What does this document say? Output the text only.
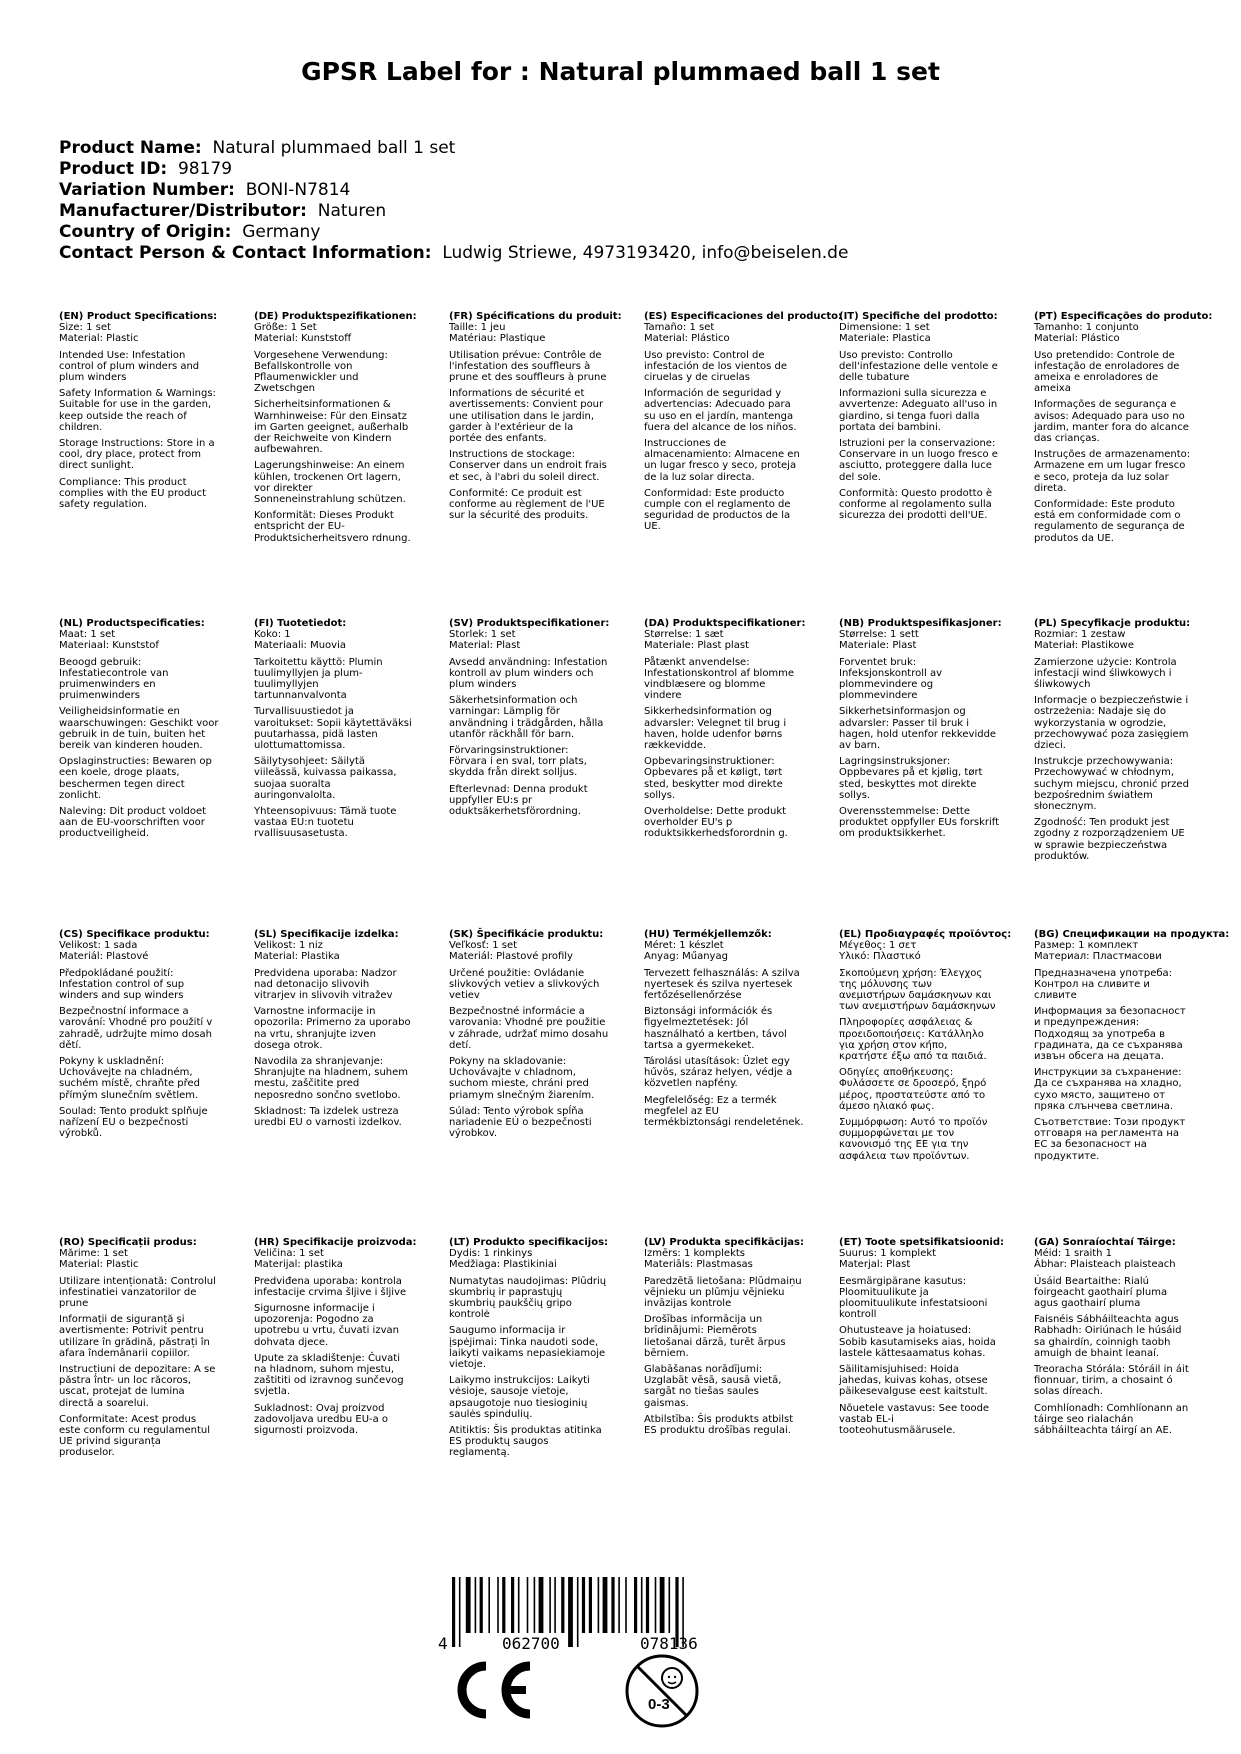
GPSR Label for : Natural plummaed ball 1 set
Product Name: Natural plummaed ball 1 set
Product ID: 98179
Variation Number: BONI-N7814
Manufacturer/Distributor: Naturen
Country of Origin: Germany
Contact Person & Contact Information: Ludwig Striewe, 4973193420, info@beiselen.de
(EN) Product Specifications:
Size: 1 set
Material: Plastic
Intended Use: Infestation control of plum winders and plum winders
Safety Information & Warnings: Suitable for use in the garden, keep outside the reach of children.
Storage Instructions: Store in a cool, dry place, protect from direct sunlight.
Compliance: This product complies with the EU product safety regulation.
(DE) Produktspezifikationen:
Größe: 1 Set
Material: Kunststoff
Vorgesehene Verwendung: Befallskontrolle von Pflaumenwickler und Zwetschgen
Sicherheitsinformationen & Warnhinweise: Für den Einsatz im Garten geeignet, außerhalb der Reichweite von Kindern aufbewahren.
Lagerungshinweise: An einem kühlen, trockenen Ort lagern, vor direkter Sonneneinstrahlung schützen.
Konformität: Dieses Produkt entspricht der EU-Produktsicherheitsvero rdnung.
(FR) Spécifications du produit:
Taille: 1 jeu
Matériau: Plastique
Utilisation prévue: Contrôle de l'infestation des souffleurs à prune et des souffleurs à prune
Informations de sécurité et avertissements: Convient pour une utilisation dans le jardin, garder à l'extérieur de la portée des enfants.
Instructions de stockage: Conserver dans un endroit frais et sec, à l'abri du soleil direct.
Conformité: Ce produit est conforme au règlement de l'UE sur la sécurité des produits.
(ES) Especificaciones del producto:
Tamaño: 1 set
Material: Plástico
Uso previsto: Control de infestación de los vientos de ciruelas y de ciruelas
Información de seguridad y advertencias: Adecuado para su uso en el jardín, mantenga fuera del alcance de los niños.
Instrucciones de almacenamiento: Almacene en un lugar fresco y seco, proteja de la luz solar directa.
Conformidad: Este producto cumple con el reglamento de seguridad de productos de la UE.
(IT) Specifiche del prodotto:
Dimensione: 1 set
Materiale: Plastica
Uso previsto: Controllo dell'infestazione delle ventole e delle tubature
Informazioni sulla sicurezza e avvertenze: Adeguato all'uso in giardino, si tenga fuori dalla portata dei bambini.
Istruzioni per la conservazione: Conservare in un luogo fresco e asciutto, proteggere dalla luce del sole.
Conformità: Questo prodotto è conforme al regolamento sulla sicurezza dei prodotti dell'UE.
(PT) Especificações do produto:
Tamanho: 1 conjunto
Material: Plástico
Uso pretendido: Controle de infestação de enroladores de ameixa e enroladores de ameixa
Informações de segurança e avisos: Adequado para uso no jardim, manter fora do alcance das crianças.
Instruções de armazenamento: Armazene em um lugar fresco e seco, proteja da luz solar direta.
Conformidade: Este produto está em conformidade com o regulamento de segurança de produtos da UE.
(NL) Productspecificaties:
Maat: 1 set
Materiaal: Kunststof
Beoogd gebruik: Infestatiecontrole van pruimenwinders en pruimenwinders
Veiligheidsinformatie en waarschuwingen: Geschikt voor gebruik in de tuin, buiten het bereik van kinderen houden.
Opslaginstructies: Bewaren op een koele, droge plaats, beschermen tegen direct zonlicht.
Naleving: Dit product voldoet aan de EU-voorschriften voor productveiligheid.
(FI) Tuotetiedot:
Koko: 1
Materiaali: Muovia
Tarkoitettu käyttö: Plumin tuulimyllyjen ja plum-tuulimyllyjen tartunnanvalvonta
Turvallisuustiedot ja varoitukset: Sopii käytettäväksi puutarhassa, pidä lasten ulottumattomissa.
Säilytysohjeet: Säilytä viileässä, kuivassa paikassa, suojaa suoralta auringonvalolta.
Yhteensopivuus: Tämä tuote vastaa EU:n tuotetu rvallisuusasetusta.
(SV) Produktspecifikationer:
Storlek: 1 set
Material: Plast
Avsedd användning: Infestation kontroll av plum winders och plum winders
Säkerhetsinformation och varningar: Lämplig för användning i trädgården, hålla utanför räckhåll för barn.
Förvaringsinstruktioner: Förvara i en sval, torr plats, skydda från direkt solljus.
Efterlevnad: Denna produkt uppfyller EU:s pr oduktsäkerhetsförordning.
(DA) Produktspecifikationer:
Størrelse: 1 sæt
Materiale: Plast plast
Påtænkt anvendelse: Infestationskontrol af blomme vindblæsere og blomme vindere
Sikkerhedsinformation og advarsler: Velegnet til brug i haven, holde udenfor børns rækkevidde.
Opbevaringsinstruktioner: Opbevares på et køligt, tørt sted, beskytter mod direkte sollys.
Overholdelse: Dette produkt overholder EU's p roduktsikkerhedsforordnin g.
(NB) Produktspesifikasjoner:
Størrelse: 1 sett
Materiale: Plast
Forventet bruk: Infeksjonskontroll av plommevindere og plommevindere
Sikkerhetsinformasjon og advarsler: Passer til bruk i hagen, hold utenfor rekkevidde av barn.
Lagringsinstruksjoner: Oppbevares på et kjølig, tørt sted, beskyttes mot direkte sollys.
Overensstemmelse: Dette produktet oppfyller EUs forskrift om produktsikkerhet.
(PL) Specyfikacje produktu:
Rozmiar: 1 zestaw
Materiał: Plastikowe
Zamierzone użycie: Kontrola infestacji wind śliwkowych i śliwkowych
Informacje o bezpieczeństwie i ostrzeżenia: Nadaje się do wykorzystania w ogrodzie, przechowywać poza zasięgiem dzieci.
Instrukcje przechowywania: Przechowywać w chłodnym, suchym miejscu, chronić przed bezpośrednim światłem słonecznym.
Zgodność: Ten produkt jest zgodny z rozporządzeniem UE w sprawie bezpieczeństwa produktów.
(CS) Specifikace produktu:
Velikost: 1 sada
Materiál: Plastové
Předpokládané použití: Infestation control of sup winders and sup winders
Bezpečnostní informace a varování: Vhodné pro použití v zahradě, udržujte mimo dosah dětí.
Pokyny k uskladnění: Uchovávejte na chladném, suchém místě, chraňte před přímým slunečním světlem.
Soulad: Tento produkt splňuje nařízení EU o bezpečnosti výrobků.
(SL) Specifikacije izdelka:
Velikost: 1 niz
Material: Plastika
Predvidena uporaba: Nadzor nad detonacijo slivovih vitrarjev in slivovih vitražev
Varnostne informacije in opozorila: Primerno za uporabo na vrtu, shranjujte izven dosega otrok.
Navodila za shranjevanje: Shranjujte na hladnem, suhem mestu, zaščitite pred neposredno sončno svetlobo.
Skladnost: Ta izdelek ustreza uredbi EU o varnosti izdelkov.
(SK) Špecifikácie produktu:
Veľkosť: 1 set
Materiál: Plastové profily
Určené použitie: Ovládanie slivkových vetiev a slivkových vetiev
Bezpečnostné informácie a varovania: Vhodné pre použitie v záhrade, udržať mimo dosahu detí.
Pokyny na skladovanie: Uchovávajte v chladnom, suchom mieste, chráni pred priamym slnečným žiarením.
Súlad: Tento výrobok spĺňa nariadenie EÚ o bezpečnosti výrobkov.
(HU) Termékjellemzők:
Méret: 1 készlet
Anyag: Műanyag
Tervezett felhasználás: A szilva nyertesek és szilva nyertesek fertőzésellenőrzése
Biztonsági információk és figyelmeztetések: Jól használható a kertben, távol tartsa a gyermekeket.
Tárolási utasítások: Üzlet egy hűvös, száraz helyen, védje a közvetlen napfény.
Megfelelőség: Ez a termék megfelel az EU termékbiztonsági rendeletének.
(EL) Προδιαγραφές προϊόντος:
Μέγεθος: 1 σετ
Υλικό: Πλαστικό
Σκοπούμενη χρήση: Έλεγχος της μόλυνσης των ανεμιστήρων δαμάσκηνων και των ανεμιστήρων δαμάσκηνων
Πληροφορίες ασφάλειας & προειδοποιήσεις: Κατάλληλο για χρήση στον κήπο, κρατήστε έξω από τα παιδιά.
Οδηγίες αποθήκευσης: Φυλάσσετε σε δροσερό, ξηρό μέρος, προστατεύστε από το άμεσο ηλιακό φως.
Συμμόρφωση: Αυτό το προϊόν συμμορφώνεται με τον κανονισμό της ΕΕ για την ασφάλεια των προϊόντων.
(BG) Спецификации на продукта:
Размер: 1 комплект
Материал: Пластмасови
Предназначена употреба: Контрол на сливите и сливите
Информация за безопасност и предупреждения: Подходящ за употреба в градината, да се съхранява извън обсега на децата.
Инструкции за съхранение: Да се съхранява на хладно, сухо място, защитено от пряка слънчева светлина.
Съответствие: Този продукт отговаря на регламента на ЕС за безопасност на продуктите.
(RO) Specificații produs:
Mărime: 1 set
Material: Plastic
Utilizare intenționată: Controlul infestinatiei vanzatorilor de prune
Informații de siguranță și avertismente: Potrivit pentru utilizare în grădină, păstrați în afara îndemânarii copiilor.
Instrucțiuni de depozitare: A se păstra într- un loc răcoros, uscat, protejat de lumina directă a soarelui.
Conformitate: Acest produs este conform cu regulamentul UE privind siguranța produselor.
(HR) Specifikacije proizvoda:
Veličina: 1 set
Materijal: plastika
Predviđena uporaba: kontrola infestacije crvima šljive i šljive
Sigurnosne informacije i upozorenja: Pogodno za upotrebu u vrtu, čuvati izvan dohvata djece.
Upute za skladištenje: Čuvati na hladnom, suhom mjestu, zaštititi od izravnog sunčevog svjetla.
Sukladnost: Ovaj proizvod zadovoljava uredbu EU-a o sigurnosti proizvoda.
(LT) Produkto specifikacijos:
Dydis: 1 rinkinys
Medžiaga: Plastikiniai
Numatytas naudojimas: Plūdrių skumbrių ir paprastųjų skumbrių paukščių gripo kontrolė
Saugumo informacija ir įspėjimai: Tinka naudoti sode, laikyti vaikams nepasiekiamoje vietoje.
Laikymo instrukcijos: Laikyti vėsioje, sausoje vietoje, apsaugotoje nuo tiesioginių saulės spindulių.
Atitiktis: Šis produktas atitinka ES produktų saugos reglamentą.
(LV) Produkta specifikācijas:
Izmērs: 1 komplekts
Materiāls: Plastmasas
Paredzētā lietošana: Plūdmaiņu vējnieku un plūmju vējnieku invāzijas kontrole
Drošības informācija un brīdinājumi: Piemērots lietošanai dārzā, turēt ārpus bērniem.
Glabāšanas norādījumi: Uzglabāt vēsā, sausā vietā, sargāt no tiešas saules gaismas.
Atbilstība: Šis produkts atbilst ES produktu drošības regulai.
(ET) Toote spetsifikatsioonid:
Suurus: 1 komplekt
Materjal: Plast
Eesmärgipärane kasutus: Ploomituulikute ja ploomituulikute infestatsiooni kontroll
Ohutusteave ja hoiatused: Sobib kasutamiseks aias, hoida lastele kättesaamatus kohas.
Säilitamisjuhised: Hoida jahedas, kuivas kohas, otsese päikesevalguse eest kaitstult.
Nõuetele vastavus: See toode vastab EL-i tooteohutusmäärusele.
(GA) Sonraíochtaí Táirge:
Méid: 1 sraith 1
Ábhar: Plaisteach plaisteach
Úsáid Beartaithe: Rialú foirgeacht gaothairí pluma agus gaothairí pluma
Faisnéis Sábháilteachta agus Rabhadh: Oiriúnach le húsáid sa ghairdín, coinnigh taobh amuigh de bhaint leanaí.
Treoracha Stórála: Stóráil in áit fionnuar, tirim, a chosaint ó solas díreach.
Comhlíonadh: Comhlíonann an táirge seo rialachán sábháilteachta táirgí an AE.
4	062700	078136
0-3
